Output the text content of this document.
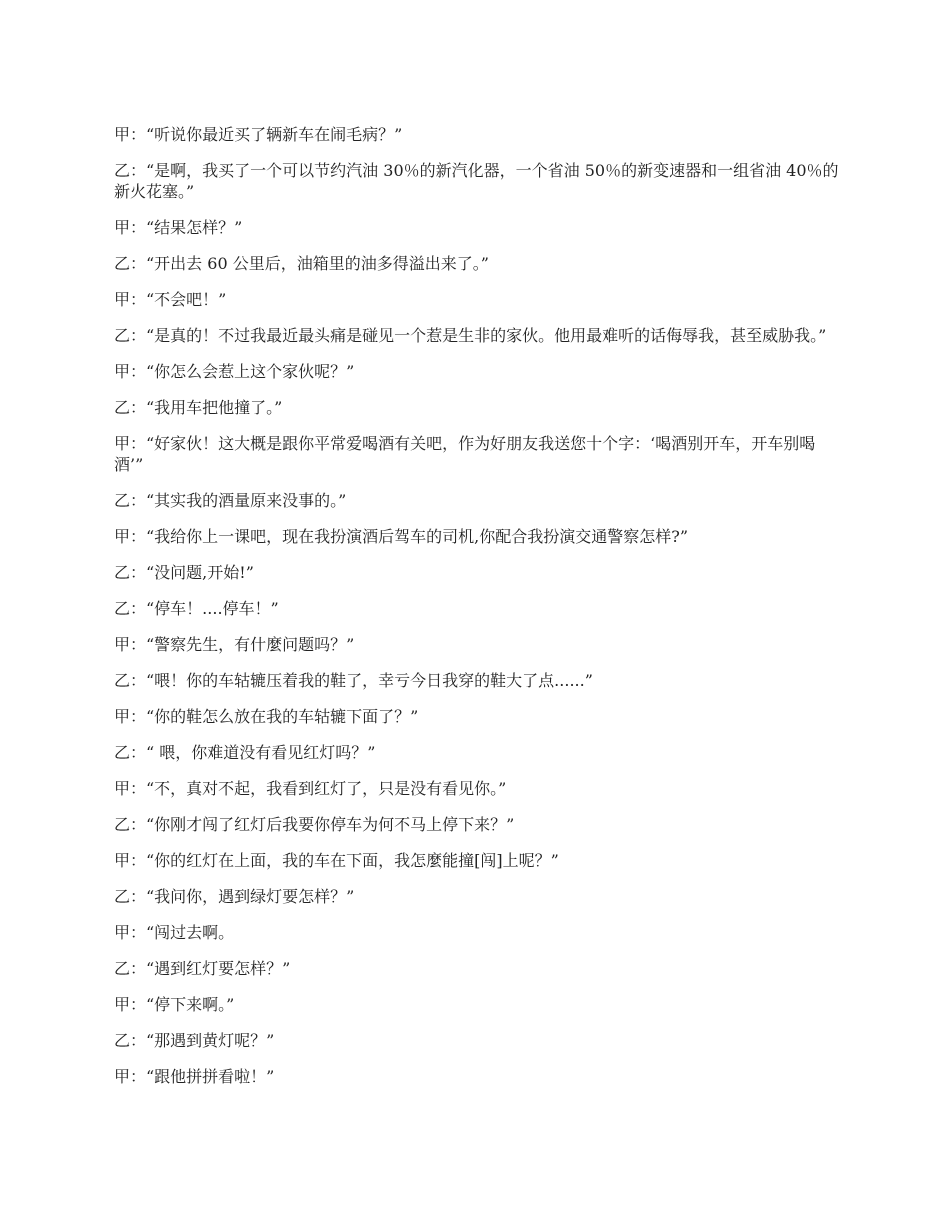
甲：“听说你最近买了辆新车在闹毛病？”

乙：“是啊，我买了一个可以节约汽油 30％的新汽化器，一个省油 50％的新变速器和一组省油 40％的新火花塞。”

甲：“结果怎样？”

乙：“开出去 60 公里后，油箱里的油多得溢出来了。”

甲：“不会吧！”

乙：“是真的！不过我最近最头痛是碰见一个惹是生非的家伙。他用最难听的话侮辱我，甚至威胁我。”

甲：“你怎么会惹上这个家伙呢？”

乙：“我用车把他撞了。”

甲：“好家伙！这大概是跟你平常爱喝酒有关吧，作为好朋友我送您十个字：‘喝酒别开车，开车别喝酒’”

乙：“其实我的酒量原来没事的。”

甲：“我给你上一课吧，现在我扮演酒后驾车的司机,你配合我扮演交通警察怎样?”

乙：“没问题,开始!”

乙：“停车！....停车！”

甲：“警察先生，有什麼问题吗？”

乙：“喂！你的车轱辘压着我的鞋了，幸亏今日我穿的鞋大了点......”

甲：“你的鞋怎么放在我的车轱辘下面了？”

乙：“ 喂，你难道没有看见红灯吗？”

甲：“不，真对不起，我看到红灯了，只是没有看见你。”

乙：“你刚才闯了红灯后我要你停车为何不马上停下来？”

甲：“你的红灯在上面，我的车在下面，我怎麼能撞[闯]上呢？”

乙：“我问你，遇到绿灯要怎样？”

甲：“闯过去啊。

乙：“遇到红灯要怎样？”

甲：“停下来啊。”

乙：“那遇到黄灯呢？”

甲：“跟他拼拼看啦！”
